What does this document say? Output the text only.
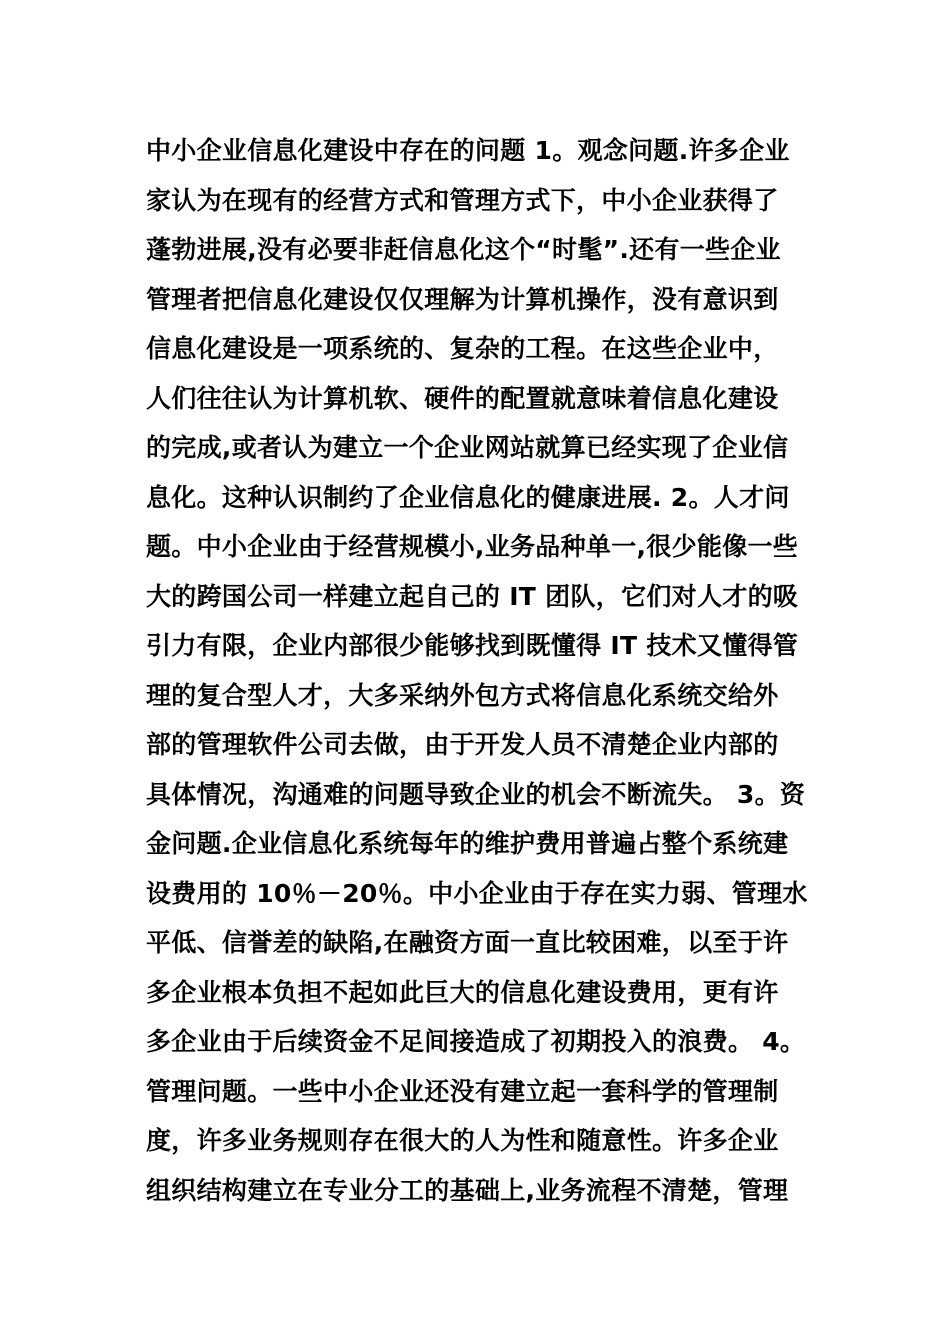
中小企业信息化建设中存在的问题 1。观念问题.许多企业
家认为在现有的经营方式和管理方式下，中小企业获得了
蓬勃进展,没有必要非赶信息化这个“时髦”.还有一些企业
管理者把信息化建设仅仅理解为计算机操作，没有意识到
信息化建设是一项系统的、复杂的工程。在这些企业中，
人们往往认为计算机软、硬件的配置就意味着信息化建设
的完成,或者认为建立一个企业网站就算已经实现了企业信
息化。这种认识制约了企业信息化的健康进展. 2。人才问
题。中小企业由于经营规模小,业务品种单一,很少能像一些
大的跨国公司一样建立起自己的 IT 团队，它们对人才的吸
引力有限，企业内部很少能够找到既懂得 IT 技术又懂得管
理的复合型人才，大多采纳外包方式将信息化系统交给外
部的管理软件公司去做，由于开发人员不清楚企业内部的
具体情况，沟通难的问题导致企业的机会不断流失。 3。资
金问题.企业信息化系统每年的维护费用普遍占整个系统建
设费用的 10％－20％。中小企业由于存在实力弱、管理水
平低、信誉差的缺陷,在融资方面一直比较困难，以至于许
多企业根本负担不起如此巨大的信息化建设费用，更有许
多企业由于后续资金不足间接造成了初期投入的浪费。 4。
管理问题。一些中小企业还没有建立起一套科学的管理制
度，许多业务规则存在很大的人为性和随意性。许多企业
组织结构建立在专业分工的基础上,业务流程不清楚，管理
